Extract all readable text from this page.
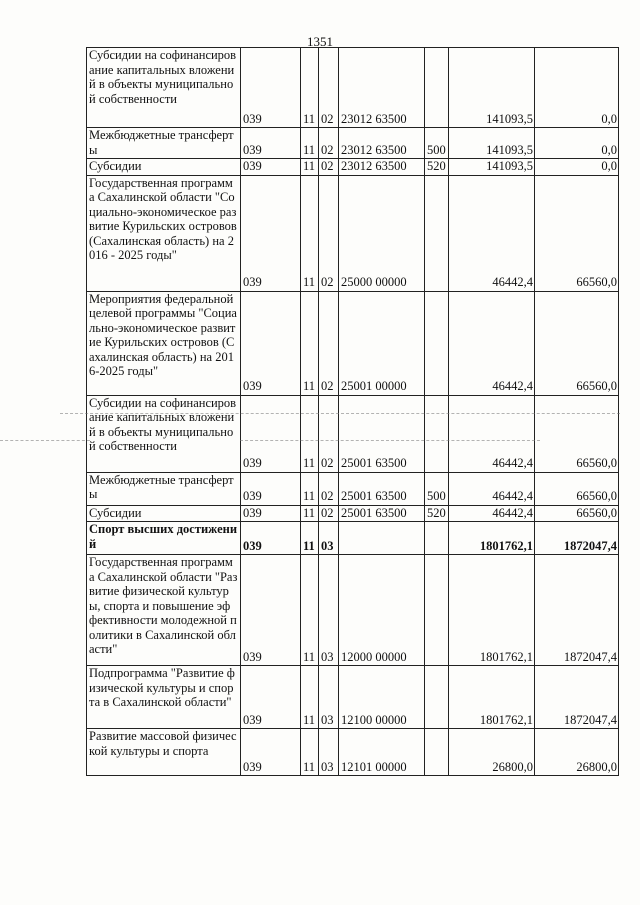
1351
Субсидии на софинансирование капитальных вложений в объекты муниципальной собственности	039	11	02	23012 63500		141093,5	0,0
Межбюджетные трансферты	039	11	02	23012 63500	500	141093,5	0,0
Субсидии	039	11	02	23012 63500	520	141093,5	0,0
Государственная программа Сахалинской области "Социально-экономическое развитие Курильских островов (Сахалинская область) на 2016 - 2025 годы"	039	11	02	25000 00000		46442,4	66560,0
Мероприятия федеральной целевой программы "Социально-экономическое развитие Курильских островов (Сахалинская область) на 2016-2025 годы"	039	11	02	25001 00000		46442,4	66560,0
Субсидии на софинансирование капитальных вложений в объекты муниципальной собственности	039	11	02	25001 63500		46442,4	66560,0
Межбюджетные трансферты	039	11	02	25001 63500	500	46442,4	66560,0
Субсидии	039	11	02	25001 63500	520	46442,4	66560,0
Спорт высших достижений	039	11	03			1801762,1	1872047,4
Государственная программа Сахалинской области "Развитие физической культуры, спорта и повышение эффективности молодежной политики в Сахалинской области"	039	11	03	12000 00000		1801762,1	1872047,4
Подпрограмма "Развитие физической культуры и спорта в Сахалинской области"	039	11	03	12100 00000		1801762,1	1872047,4
Развитие массовой физической культуры и спорта	039	11	03	12101 00000		26800,0	26800,0
